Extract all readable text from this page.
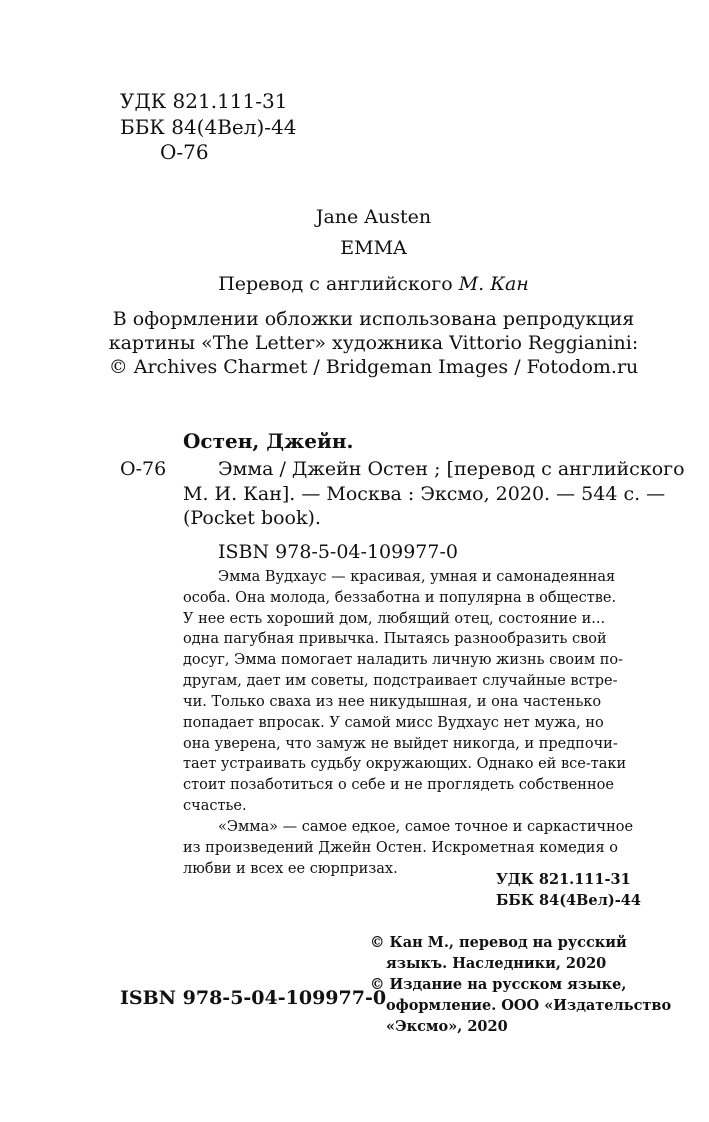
УДК 821.111-31
ББК 84(4Вел)-44
О-76
Jane Austen
EMMA
Перевод с английского М. Кан
В оформлении обложки использована репродукция
картины «The Letter» художника Vittorio Reggianini:
© Archives Charmet / Bridgeman Images / Fotodom.ru
Остен, Джейн.
О-76	Эмма / Джейн Остен ; [перевод с английского
М. И. Кан]. — Москва : Эксмо, 2020. — 544 с. —
(Pocket book).
ISBN 978-5-04-109977-0
Эмма Вудхаус — красивая, умная и самонадеянная
особа. Она молода, беззаботна и популярна в обществе.
У нее есть хороший дом, любящий отец, состояние и...
одна пагубная привычка. Пытаясь разнообразить свой
досуг, Эмма помогает наладить личную жизнь своим по-
другам, дает им советы, подстраивает случайные встре-
чи. Только сваха из нее никудышная, и она частенько
попадает впросак. У самой мисс Вудхаус нет мужа, но
она уверена, что замуж не выйдет никогда, и предпочи-
тает устраивать судьбу окружающих. Однако ей все-таки
стоит позаботиться о себе и не проглядеть собственное
счастье.
«Эмма» — самое едкое, самое точное и саркастичное
из произведений Джейн Остен. Искрометная комедия о
любви и всех ее сюрпризах.
УДК 821.111-31
ББК 84(4Вел)-44
© Кан М., перевод на русский
языкъ. Наследники, 2020
© Издание на русском языке,
оформление. ООО «Издательство
«Эксмо», 2020
ISBN 978-5-04-109977-0
